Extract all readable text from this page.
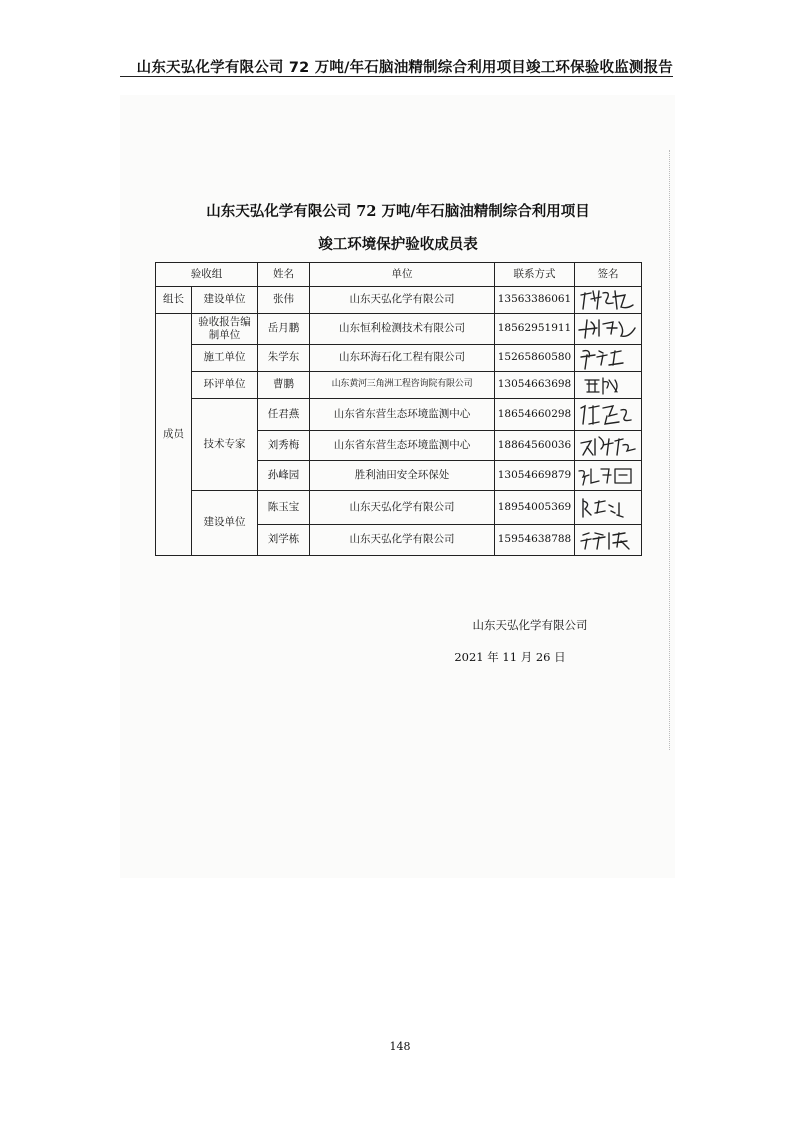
山东天弘化学有限公司 72 万吨/年石脑油精制综合利用项目竣工环保验收监测报告
山东天弘化学有限公司 72 万吨/年石脑油精制综合利用项目
竣工环境保护验收成员表
验收组		姓名	单位	联系方式	签名
组长	建设单位	张伟	山东天弘化学有限公司	13563386061	

成员	验收报告编制单位	岳月鹏	山东恒利检测技术有限公司	18562951911	

	施工单位	朱学东	山东环海石化工程有限公司	15265860580	

	环评单位	曹鹏	山东黄河三角洲工程咨询院有限公司	13054663698	

	技术专家	任君燕	山东省东营生态环境监测中心	18654660298	

		刘秀梅	山东省东营生态环境监测中心	18864560036	

		孙峰园	胜利油田安全环保处	13054669879	

	建设单位	陈玉宝	山东天弘化学有限公司	18954005369	

		刘学栋	山东天弘化学有限公司	15954638788	
山东天弘化学有限公司
2021 年 11 月 26 日
148
